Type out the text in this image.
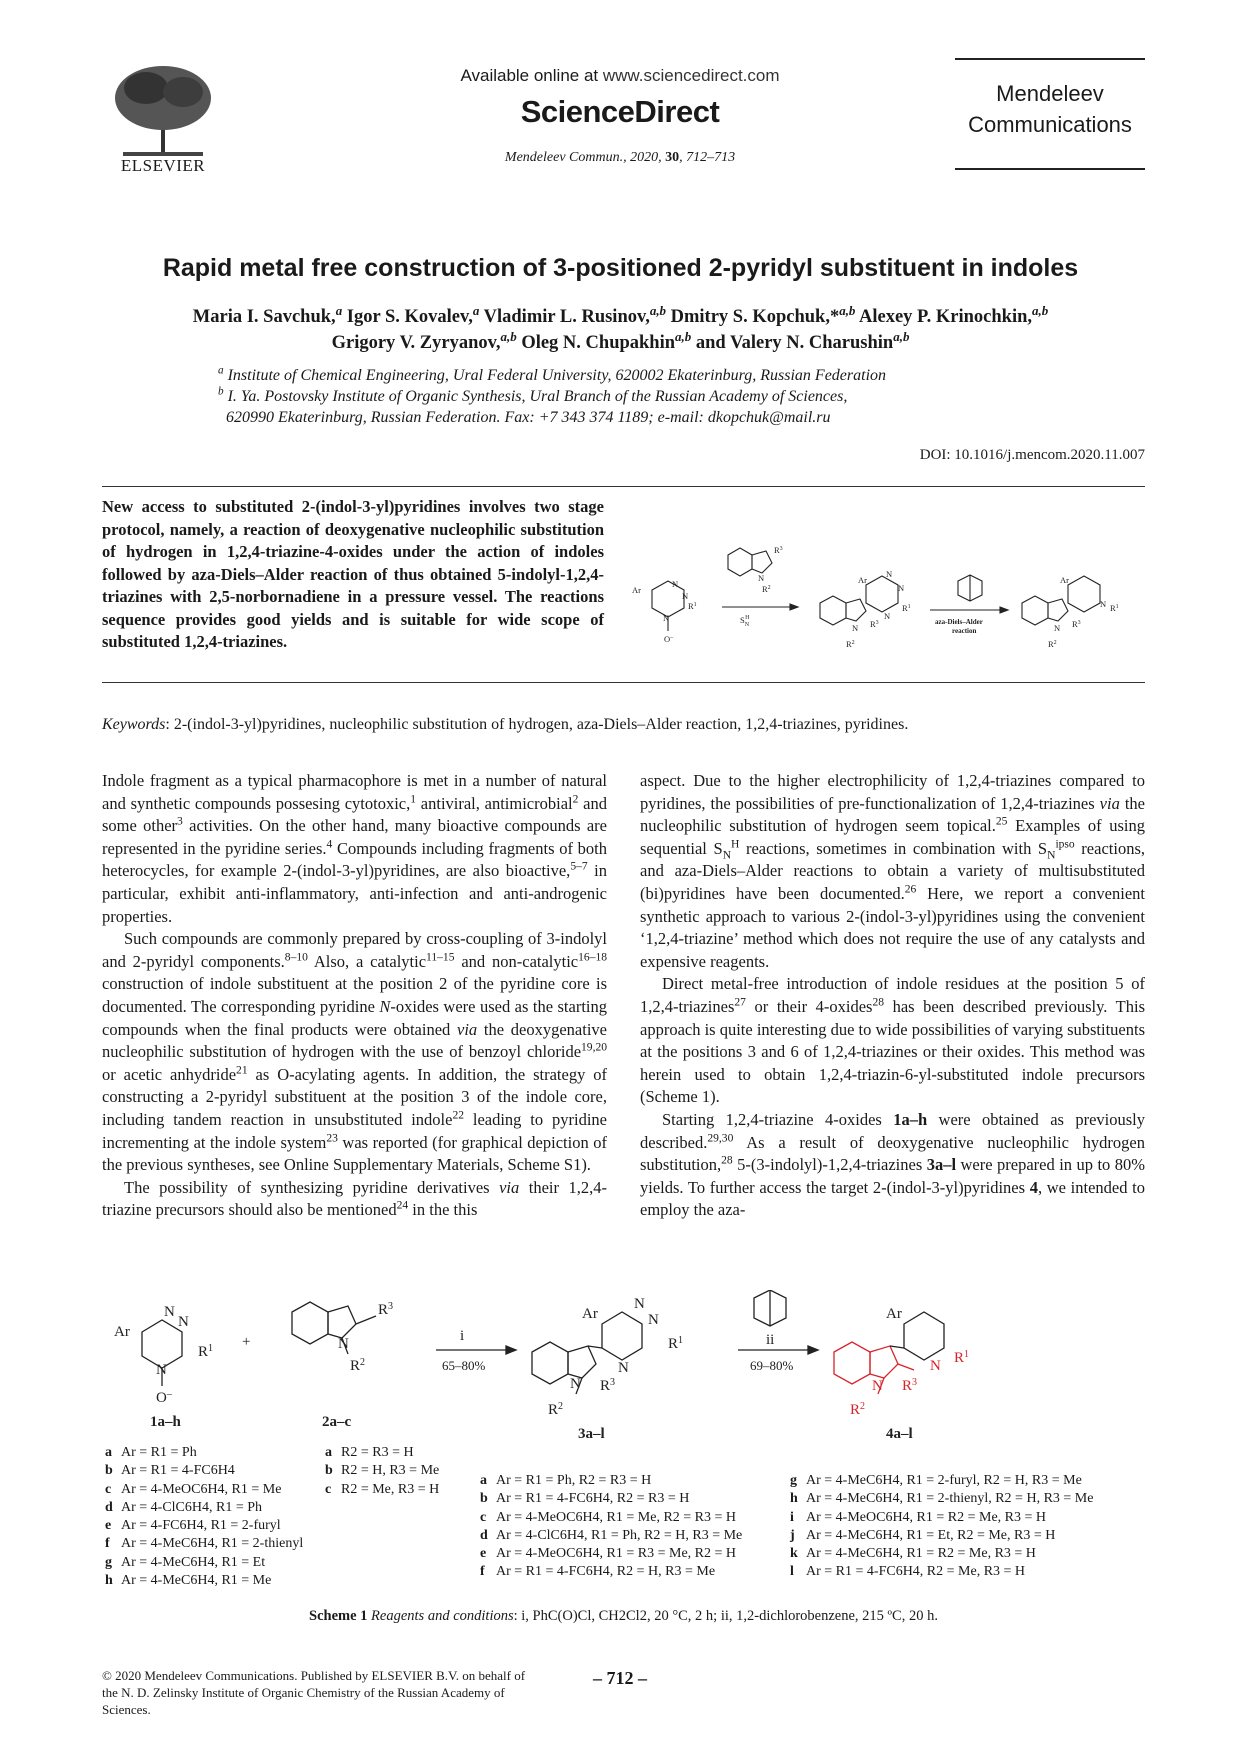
ELSEVIER
Available online at www.sciencedirect.com
ScienceDirect
Mendeleev Commun., 2020, 30, 712–713
Mendeleev
Communications
Rapid metal free construction of 3-positioned 2-pyridyl substituent in indoles
Maria I. Savchuk,$^a$ Igor S. Kovalev,$^a$ Vladimir L. Rusinov,$^{a,b}$ Dmitry S. Kopchuk,*$^{a,b}$ Alexey P. Krinochkin,$^{a,b}$
Grigory V. Zyryanov,$^{a,b}$ Oleg N. Chupakhin$^{a,b}$ and Valery N. Charushin$^{a,b}$
$^a$ Institute of Chemical Engineering, Ural Federal University, 620002 Ekaterinburg, Russian Federation
$^b$ I. Ya. Postovsky Institute of Organic Synthesis, Ural Branch of the Russian Academy of Sciences,
620990 Ekaterinburg, Russian Federation. Fax: +7 343 374 1189; e-mail: dkopchuk@mail.ru
DOI: 10.1016/j.mencom.2020.11.007
New access to substituted 2-(indol-3-yl)pyridines involves two stage protocol, namely, a reaction of deoxygenative nucleophilic substitution of hydrogen in 1,2,4-triazine-4-oxides under the action of indoles followed by aza-Diels–Alder reaction of thus obtained 5-indolyl-1,2,4-triazines with 2,5-norbornadiene in a pressure vessel. The reactions sequence provides good yields and is suitable for wide scope of substituted 1,2,4-triazines.
Ar
N
N
$R^1$
N
O–
$R^3$
N
$R^2$
$S_NH$
Ar
N
N
$R^1$
N
N $R^3$
$R^2$
aza-Diels–Alder
reaction
Ar
N $R^1$
N $R^3$
$R^2$
Keywords: 2-(indol-3-yl)pyridines, nucleophilic substitution of hydrogen, aza-Diels–Alder reaction, 1,2,4-triazines, pyridines.

Indole fragment as a typical pharmacophore is met in a number of natural and synthetic compounds possesing cytotoxic,$^1$ antiviral, antimicrobial$^2$ and some other$^3$ activities. On the other hand, many bioactive compounds are represented in the pyridine series.$^4$ Compounds including fragments of both heterocycles, for example 2-(indol-3-yl)pyridines, are also bioactive,$^{5-7}$ in particular, exhibit anti-inflammatory, anti-infection and anti-androgenic properties.

Such compounds are commonly prepared by cross-coupling of 3-indolyl and 2-pyridyl components.$^{8-10}$ Also, a catalytic$^{11-15}$ and non-catalytic$^{16-18}$ construction of indole substituent at the position 2 of the pyridine core is documented. The corresponding pyridine N-oxides were used as the starting compounds when the final products were obtained via the deoxygenative nucleophilic substitution of hydrogen with the use of benzoyl chloride$^{19,20}$ or acetic anhydride$^{21}$ as O-acylating agents. In addition, the strategy of constructing a 2-pyridyl substituent at the position 3 of the indole core, including tandem reaction in unsubstituted indole$^{22}$ leading to pyridine incrementing at the indole system$^{23}$ was reported (for graphical depiction of the previous syntheses, see Online Supplementary Materials, Scheme S1).

The possibility of synthesizing pyridine derivatives via their 1,2,4-triazine precursors should also be mentioned$^{24}$ in the this

aspect. Due to the higher electrophilicity of 1,2,4-triazines compared to pyridines, the possibilities of pre-functionalization of 1,2,4-triazines via the nucleophilic substitution of hydrogen seem topical.$^{25}$ Examples of using sequential $S_N^H$ reactions, sometimes in combination with $S_N^{ipso}$ reactions, and aza-Diels–Alder reactions to obtain a variety of multisubstituted (bi)pyridines have been documented.$^{26}$ Here, we report a convenient synthetic approach to various 2-(indol-3-yl)pyridines using the convenient ‘1,2,4-triazine’ method which does not require the use of any catalysts and expensive reagents.

Direct metal-free introduction of indole residues at the position 5 of 1,2,4-triazines$^{27}$ or their 4-oxides$^{28}$ has been described previously. This approach is quite interesting due to wide possibilities of varying substituents at the positions 3 and 6 of 1,2,4-triazines or their oxides. This method was herein used to obtain 1,2,4-triazin-6-yl-substituted indole precursors (Scheme 1).

Starting 1,2,4-triazine 4-oxides 1a–h were obtained as previously described.$^{29,30}$ As a result of deoxygenative nucleophilic hydrogen substitution,$^{28}$ 5-(3-indolyl)-1,2,4-triazines 3a–l were prepared in up to 80% yields. To further access the target 2-(indol-3-yl)pyridines 4, we intended to employ the aza-

Ar
N
N
$R^1$
N
O–
+
$R^3$
N
$R^2$
i
65–80%
Ar
N
N
$R^1$
N
N $R^3$
$R^2$
ii
69–80%
Ar
N $R^1$
N $R^3$
$R^2$
1a–h	2a–c
3a–l	4a–l
a Ar = R1 = Ph
b Ar = R1 = 4-FC6H4
c Ar = 4-MeOC6H4, R1 = Me
d Ar = 4-ClC6H4, R1 = Ph
e Ar = 4-FC6H4, R1 = 2-furyl
f Ar = 4-MeC6H4, R1 = 2-thienyl
g Ar = 4-MeC6H4, R1 = Et
h Ar = 4-MeC6H4, R1 = Me
a R2 = R3 = H
b R2 = H, R3 = Me
c R2 = Me, R3 = H
a Ar = R1 = Ph, R2 = R3 = H
b Ar = R1 = 4-FC6H4, R2 = R3 = H
c Ar = 4-MeOC6H4, R1 = Me, R2 = R3 = H
d Ar = 4-ClC6H4, R1 = Ph, R2 = H, R3 = Me
e Ar = 4-MeOC6H4, R1 = R3 = Me, R2 = H
f Ar = R1 = 4-FC6H4, R2 = H, R3 = Me
g Ar = 4-MeC6H4, R1 = 2-furyl, R2 = H, R3 = Me
h Ar = 4-MeC6H4, R1 = 2-thienyl, R2 = H, R3 = Me
i Ar = 4-MeOC6H4, R1 = R2 = Me, R3 = H
j Ar = 4-MeC6H4, R1 = Et, R2 = Me, R3 = H
k Ar = 4-MeC6H4, R1 = R2 = Me, R3 = H
l Ar = R1 = 4-FC6H4, R2 = Me, R3 = H
Scheme 1 Reagents and conditions: i, PhC(O)Cl, CH2Cl2, 20 °C, 2 h; ii, 1,2-dichlorobenzene, 215 ºC, 20 h.
© 2020 Mendeleev Communications. Published by ELSEVIER B.V. on behalf of the N. D. Zelinsky Institute of Organic Chemistry of the Russian Academy of Sciences.
– 712 –
